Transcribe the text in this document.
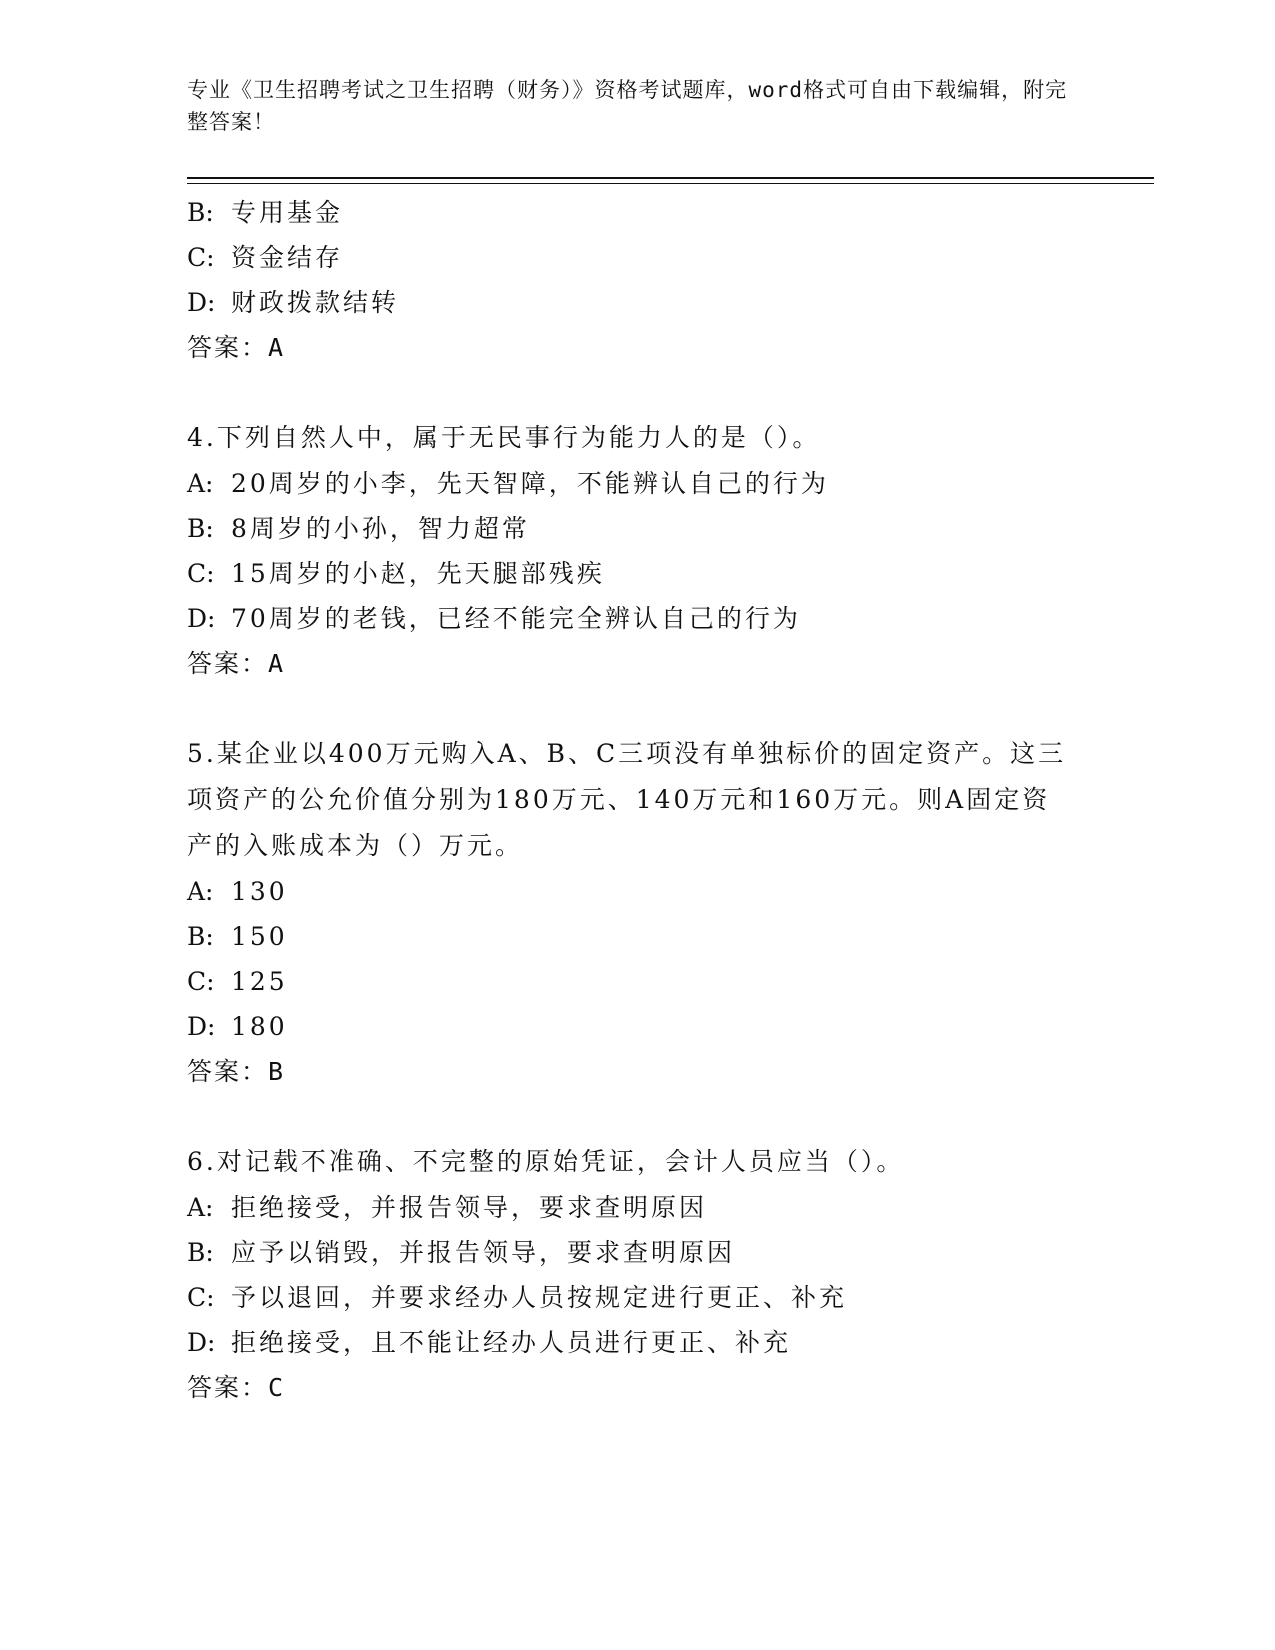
专业《卫生招聘考试之卫生招聘（财务）》资格考试题库，word格式可自由下载编辑，附完整答案！
B: 专用基金
C: 资金结存
D: 财政拨款结转
答案：A
4.下列自然人中，属于无民事行为能力人的是（）。
A: 20周岁的小李，先天智障，不能辨认自己的行为
B: 8周岁的小孙，智力超常
C: 15周岁的小赵，先天腿部残疾
D: 70周岁的老钱，已经不能完全辨认自己的行为
答案：A
5.某企业以400万元购入A、B、C三项没有单独标价的固定资产。这三项资产的公允价值分别为180万元、140万元和160万元。则A固定资产的入账成本为（）万元。
A: 130
B: 150
C: 125
D: 180
答案：B
6.对记载不准确、不完整的原始凭证，会计人员应当（）。
A: 拒绝接受，并报告领导，要求查明原因
B: 应予以销毁，并报告领导，要求查明原因
C: 予以退回，并要求经办人员按规定进行更正、补充
D: 拒绝接受，且不能让经办人员进行更正、补充
答案：C
